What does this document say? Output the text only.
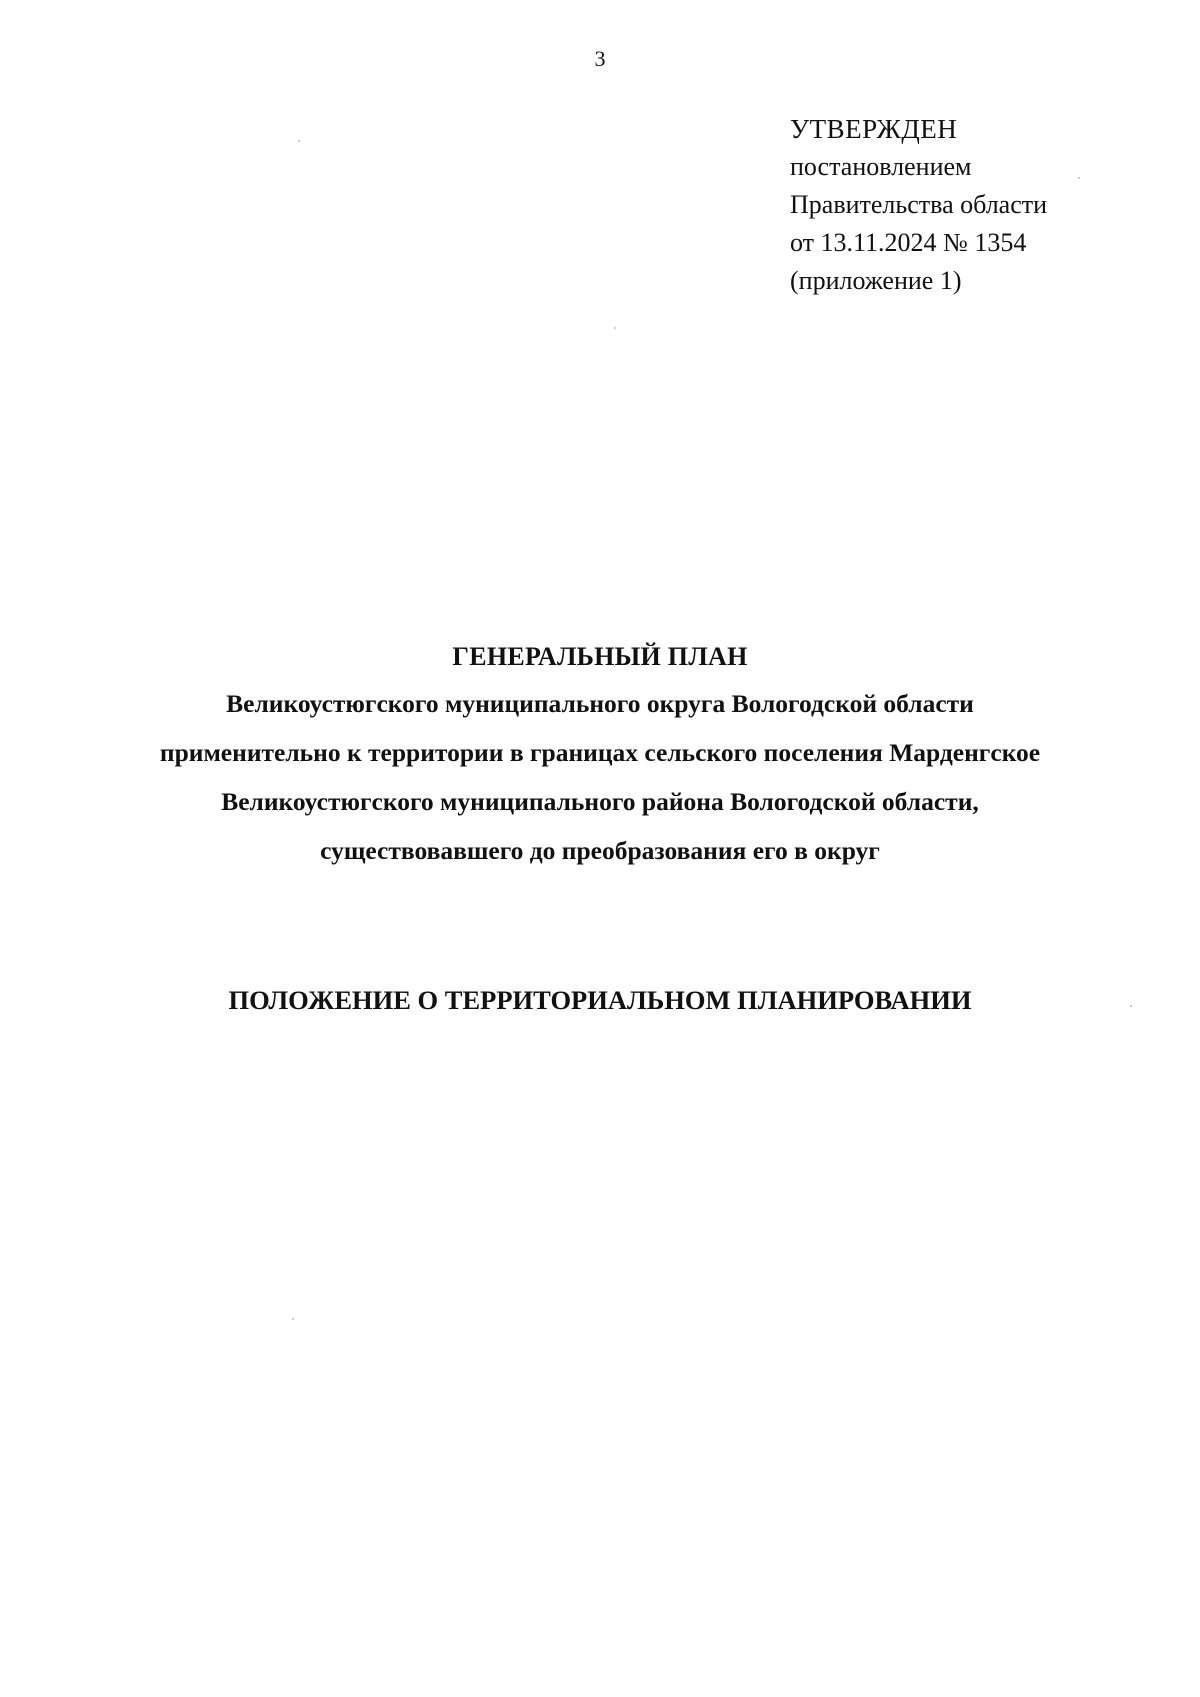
3
УТВЕРЖДЕН
постановлением
Правительства области
от 13.11.2024 № 1354
(приложение 1)
ГЕНЕРАЛЬНЫЙ ПЛАН
Великоустюгского муниципального округа Вологодской области
применительно к территории в границах сельского поселения Марденгское
Великоустюгского муниципального района Вологодской области,
существовавшего до преобразования его в округ
ПОЛОЖЕНИЕ О ТЕРРИТОРИАЛЬНОМ ПЛАНИРОВАНИИ
